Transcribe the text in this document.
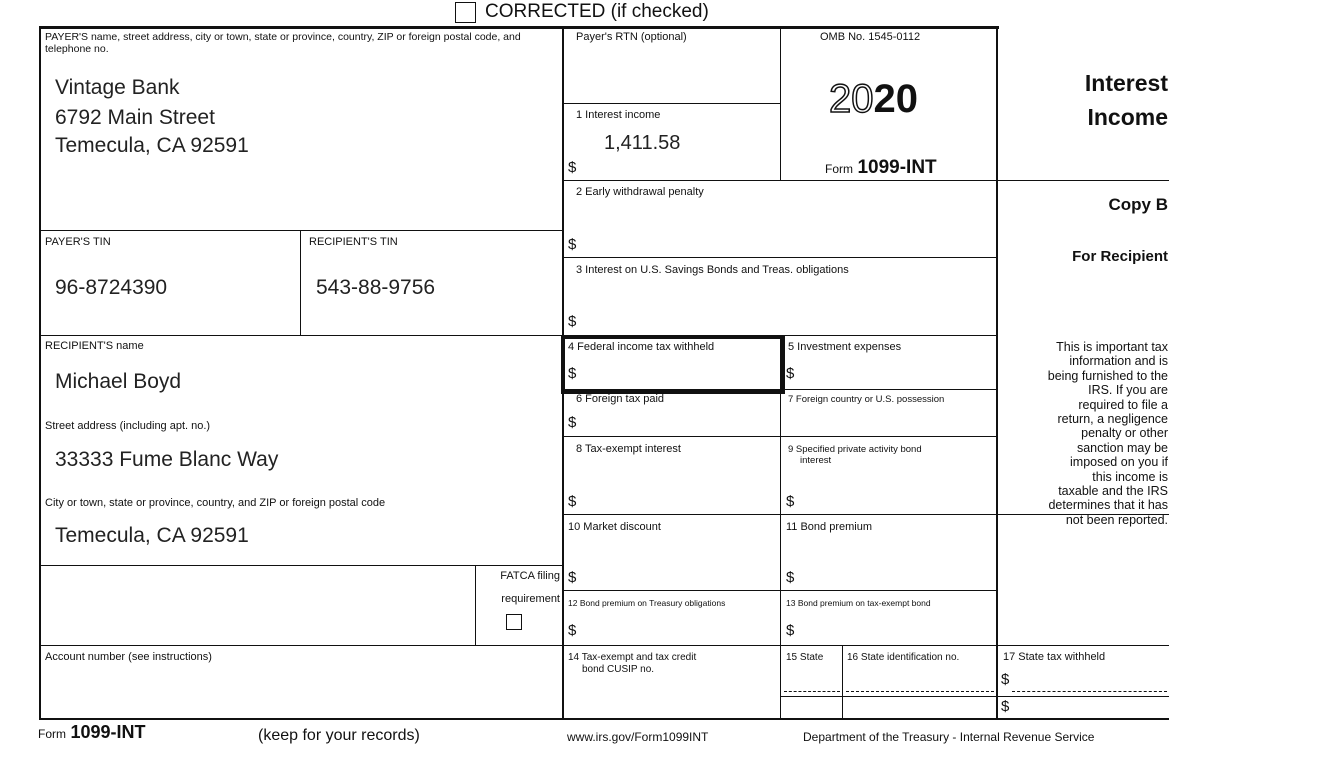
CORRECTED (if checked)
PAYER'S name, street address, city or town, state or province, country, ZIP or foreign postal code, and telephone no.
Vintage Bank
6792 Main Street
Temecula, CA 92591
PAYER'S TIN
96-8724390
RECIPIENT'S TIN
543-88-9756
RECIPIENT'S name
Michael Boyd
Street address (including apt. no.)
33333 Fume Blanc Way
City or town, state or province, country, and ZIP or foreign postal code
Temecula, CA 92591
FATCA filing
requirement
Account number (see instructions)
Payer's RTN (optional)	OMB No. 1545-0112
2020
Form 1099-INT
1 Interest income
1,411.58
$
2 Early withdrawal penalty
$
3 Interest on U.S. Savings Bonds and Treas. obligations
$
4 Federal income tax withheld
$
5 Investment expenses
$
6 Foreign tax paid
$
7 Foreign country or U.S. possession
8 Tax-exempt interest
$
9 Specified private activity bond
interest
$
10 Market discount
$
11 Bond premium
$
12 Bond premium on Treasury obligations
$
13 Bond premium on tax-exempt bond
$
14 Tax-exempt and tax credit
bond CUSIP no.
15 State 16 State identification no.	17 State tax withheld
$
$
Interest
Income
Copy B
For Recipient
This is important tax
information and is
being furnished to the
IRS. If you are
required to file a
return, a negligence
penalty or other
sanction may be
imposed on you if
this income is
taxable and the IRS
determines that it has
not been reported.
Form 1099-INT	(keep for your records)	www.irs.gov/Form1099INT	Department of the Treasury - Internal Revenue Service
